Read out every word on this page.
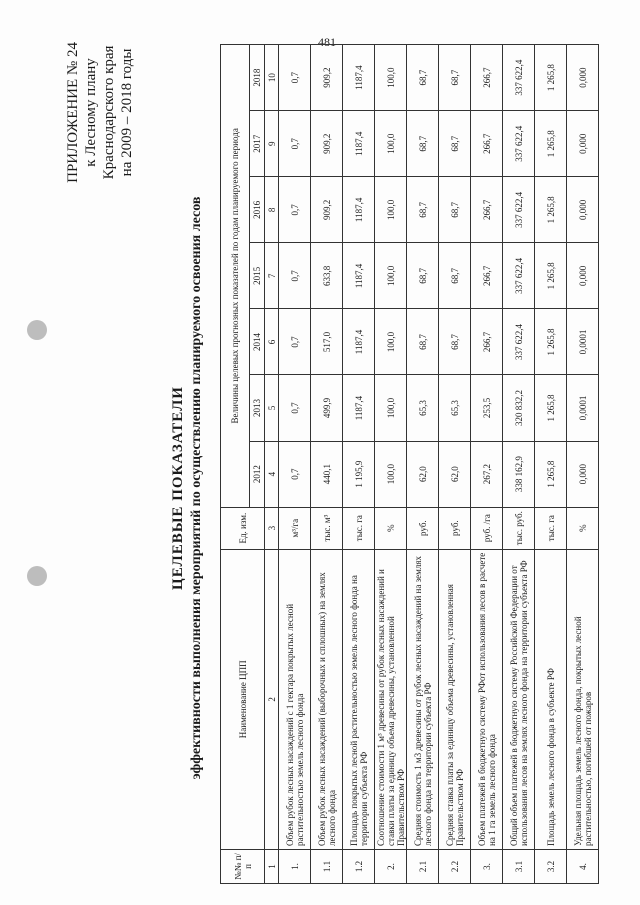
481
ПРИЛОЖЕНИЕ № 24 к Лесному плану Краснодарского края на 2009 – 2018 годы
ЦЕЛЕВЫЕ ПОКАЗАТЕЛИ эффективности выполнения мероприятий по осуществлению планируемого освоения лесов
№№ п/п	Наименование ЦПП	Ед. изм.	Величины целевых прогнозных показателей по годам планируемого периода						
			2012	2013	2014	2015	2016	2017	2018
1	2	3	4	5	6	7	8	9	10
1.	Объем рубок лесных насаждений с 1 гектара покрытых лесной растительностью земель лесного фонда	м³/га	0,7	0,7	0,7	0,7	0,7	0,7	0,7
1.1	Объем рубок лесных насаждений (выборочных и сплошных) на землях лесного фонда	тыс. м³	440,1	499,9	517,0	633,8	909,2	909,2	909,2
1.2	Площадь покрытых лесной растительностью земель лесного фонда на территории субъекта РФ	тыс. га	1 195,9	1187,4	1187,4	1187,4	1187,4	1187,4	1187,4
2.	Соотношение стоимости 1 м³ древесины от рубок лесных насаждений и ставки платы за единицу объема древесины, установленной Правительством РФ	%	100,0	100,0	100,0	100,0	100,0	100,0	100,0
2.1	Средняя стоимость 1 м3 древесины от рубок лесных насаждений на землях лесного фонда на территории субъекта РФ	руб.	62,0	65,3	68,7	68,7	68,7	68,7	68,7
2.2	Средняя ставка платы за единицу объема древесины, установленная Правительством РФ	руб.	62,0	65,3	68,7	68,7	68,7	68,7	68,7
3.	Объем платежей в бюджетную систему РФот использования лесов в расчете на 1 га земель лесного фонда	руб. /га	267,2	253,5	266,7	266,7	266,7	266,7	266,7
3.1	Общий объем платежей в бюджетную систему Российской Федерации от использования лесов на землях лесного фонда на территории субъекта РФ	тыс. руб.	338 162,9	320 832,2	337 622,4	337 622,4	337 622,4	337 622,4	337 622,4
3.2	Площадь земель лесного фонда в субъекте РФ	тыс. га	1 265,8	1 265,8	1 265,8	1 265,8	1 265,8	1 265,8	1 265,8
4.	Удельная площадь земель лесного фонда, покрытых лесной растительностью, погибшей от пожаров	%	0,000	0,0001	0,0001	0,000	0,000	0,000	0,000
